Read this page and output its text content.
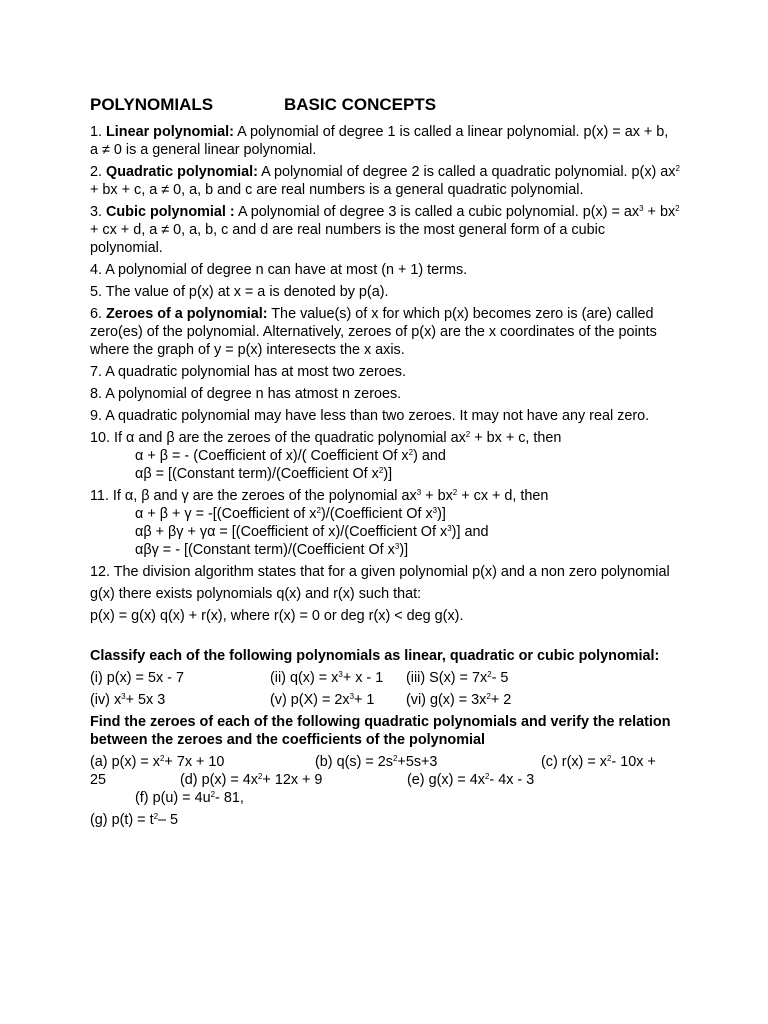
POLYNOMIALS               BASIC CONCEPTS
1. Linear polynomial: A polynomial of degree 1 is called a linear polynomial. p(x) = ax + b, a ≠ 0 is a general linear polynomial.
2. Quadratic polynomial: A polynomial of degree 2 is called a quadratic polynomial. p(x) $ax^2$ + bx + c, a ≠ 0, a, b and c are real numbers is a general quadratic polynomial.
3. Cubic polynomial : A polynomial of degree 3 is called a cubic polynomial. $p(x) = ax^3 + bx^2$ + cx + d, a ≠ 0, a, b, c and d are real numbers is the most general form of a cubic polynomial.
4. A polynomial of degree n can have at most (n + 1) terms.
5. The value of p(x) at x = a is denoted by p(a).
6. Zeroes of a polynomial: The value(s) of x for which p(x) becomes zero is (are) called zero(es) of the polynomial. Alternatively, zeroes of p(x) are the x coordinates of the points where the graph of y = p(x) interesects the x axis.
7. A quadratic polynomial has at most two zeroes.
8. A polynomial of degree n has atmost n zeroes.
9. A quadratic polynomial may have less than two zeroes. It may not have any real zero.
10. If α and β are the zeroes of the quadratic polynomial $ax^2$ + bx + c, then
α + β = - (Coefficient of x)/( Coefficient Of $x^2$) and
αβ = [(Constant term)/(Coefficient Of $x^2$)]
11. If α, β and γ are the zeroes of the polynomial $ax^3 + bx^2$ + cx + d, then
α + β + γ = -[(Coefficient of $x^2)/(Coefficient$ Of $x^3$)]
αβ + βγ + γα = [(Coefficient of x)/(Coefficient Of $x^3$)] and
αβγ = - [(Constant term)/(Coefficient Of $x^3$)]
12. The division algorithm states that for a given polynomial p(x) and a non zero polynomial
g(x) there exists polynomials q(x) and r(x) such that:
p(x) = g(x) q(x) + r(x), where r(x) = 0 or deg r(x) < deg g(x).
Classify each of the following polynomials as linear, quadratic or cubic polynomial:
(i) p(x) = 5x - 7	(ii) $q(x) = x^3+ x - 1$	(iii) $S(x) = 7x^2-$ 5
(iv) $x^3+ 5x$ 3	(v) $p(X) = 2x^3+ 1$	(vi) $g(x) = 3x^2+ 2$
Find the zeroes of each of the following quadratic polynomials and verify the relation between the zeroes and the coefficients of the polynomial
(a) $p(x) = x^2+ 7x + 10$	(b) $q(s) = 2s^2+5s+3$	(c) $r(x) = x^2-$ 10x +
25	(d) $p(x) = 4x^2+ 12x + 9$	(e) $g(x) = 4x^2-$ 4x - 3
(f) $p(u) = 4u^2-$ 81,
(g) $p(t) = t^2-$ 5
